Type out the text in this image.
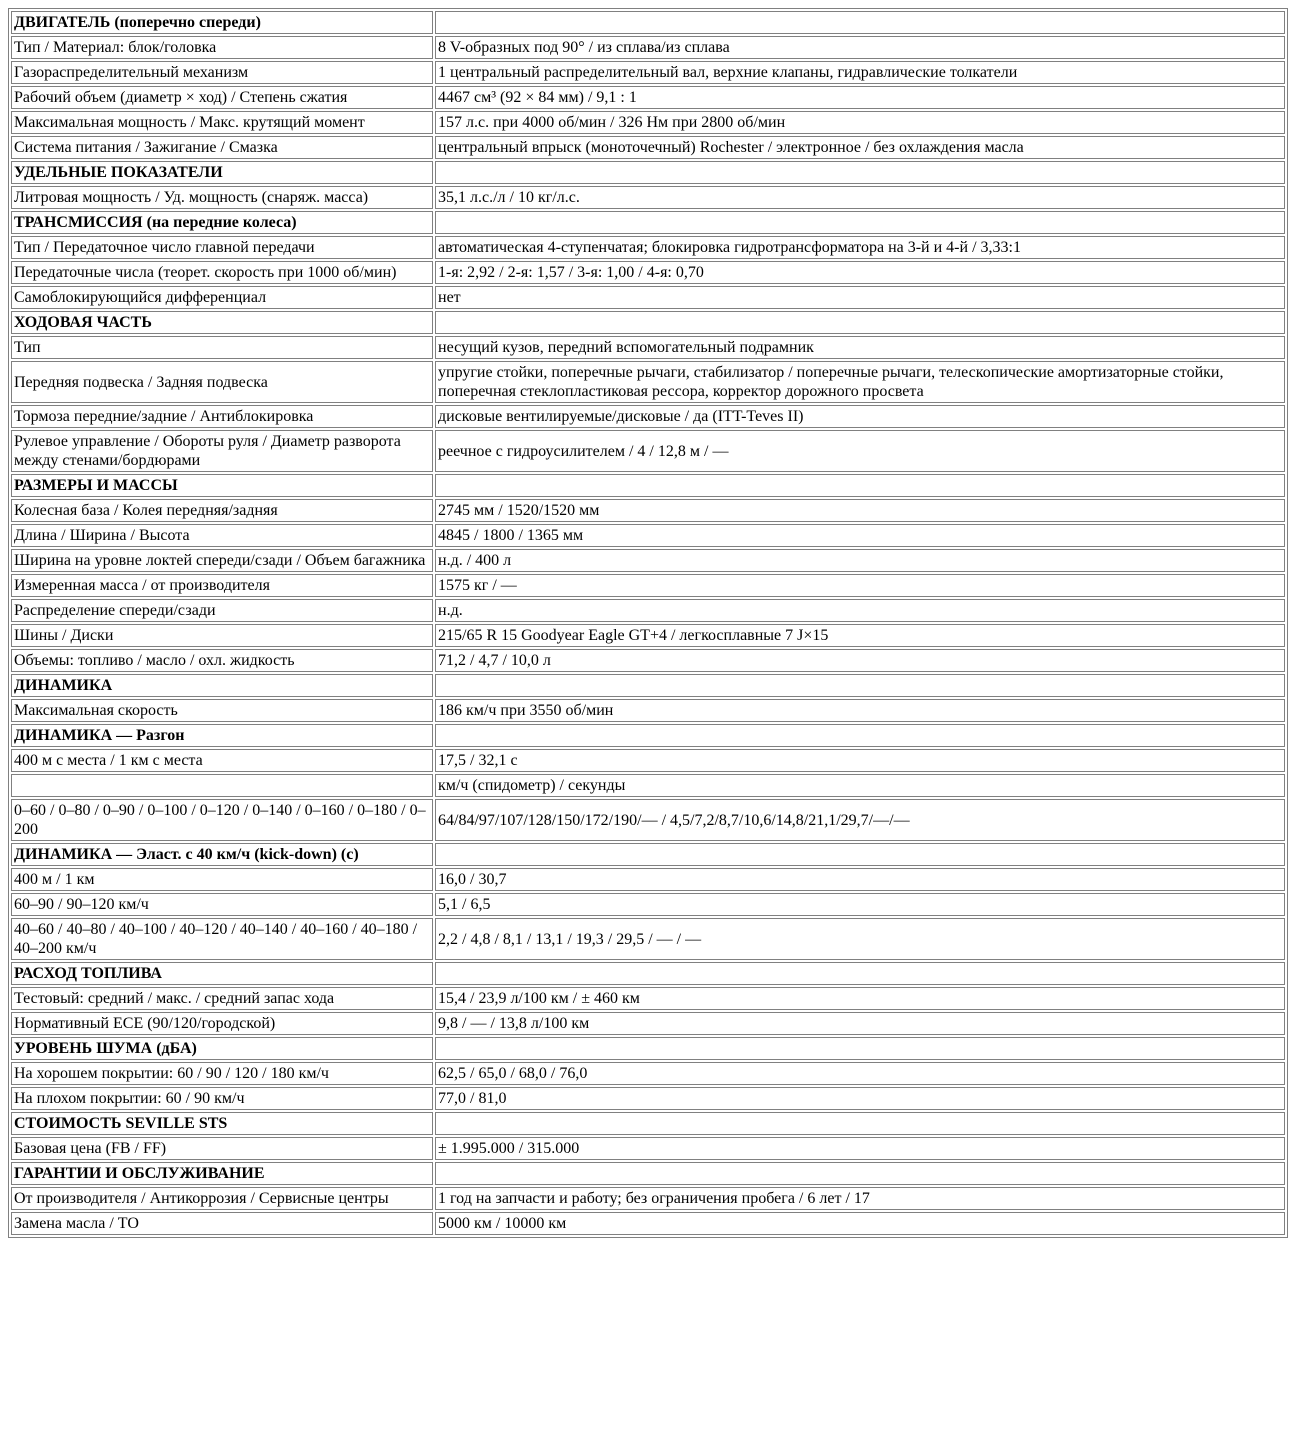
ДВИГАТЕЛЬ (поперечно спереди)	
Тип / Материал: блок/головка	8 V-образных под 90° / из сплава/из сплава
Газораспределительный механизм	1 центральный распределительный вал, верхние клапаны, гидравлические толкатели
Рабочий объем (диаметр × ход) / Степень сжатия	4467 см³ (92 × 84 мм) / 9,1 : 1
Максимальная мощность / Макс. крутящий момент	157 л.с. при 4000 об/мин / 326 Нм при 2800 об/мин
Система питания / Зажигание / Смазка	центральный впрыск (моноточечный) Rochester / электронное / без охлаждения масла
УДЕЛЬНЫЕ ПОКАЗАТЕЛИ	
Литровая мощность / Уд. мощность (снаряж. масса)	35,1 л.с./л / 10 кг/л.с.
ТРАНСМИССИЯ (на передние колеса)	
Тип / Передаточное число главной передачи	автоматическая 4-ступенчатая; блокировка гидротрансформатора на 3-й и 4-й / 3,33:1
Передаточные числа (теорет. скорость при 1000 об/мин)	1-я: 2,92 / 2-я: 1,57 / 3-я: 1,00 / 4-я: 0,70
Самоблокирующийся дифференциал	нет
ХОДОВАЯ ЧАСТЬ	
Тип	несущий кузов, передний вспомогательный подрамник
Передняя подвеска / Задняя подвеска	упругие стойки, поперечные рычаги, стабилизатор / поперечные рычаги, телескопические амортизаторные стойки, поперечная стеклопластиковая рессора, корректор дорожного просвета
Тормоза передние/задние / Антиблокировка	дисковые вентилируемые/дисковые / да (ITT-Teves II)
Рулевое управление / Обороты руля / Диаметр разворота между стенами/бордюрами	реечное с гидроусилителем / 4 / 12,8 м / —
РАЗМЕРЫ И МАССЫ	
Колесная база / Колея передняя/задняя	2745 мм / 1520/1520 мм
Длина / Ширина / Высота	4845 / 1800 / 1365 мм
Ширина на уровне локтей спереди/сзади / Объем багажника	н.д. / 400 л
Измеренная масса / от производителя	1575 кг / —
Распределение спереди/сзади	н.д.
Шины / Диски	215/65 R 15 Goodyear Eagle GT+4 / легкосплавные 7 J×15
Объемы: топливо / масло / охл. жидкость	71,2 / 4,7 / 10,0 л
ДИНАМИКА	
Максимальная скорость	186 км/ч при 3550 об/мин
ДИНАМИКА — Разгон	
400 м с места / 1 км с места	17,5 / 32,1 с
	км/ч (спидометр) / секунды
0–60 / 0–80 / 0–90 / 0–100 / 0–120 / 0–140 / 0–160 / 0–180 / 0–200	64/84/97/107/128/150/172/190/— / 4,5/7,2/8,7/10,6/14,8/21,1/29,7/—/—
ДИНАМИКА — Эласт. с 40 км/ч (kick-down) (с)	
400 м / 1 км	16,0 / 30,7
60–90 / 90–120 км/ч	5,1 / 6,5
40–60 / 40–80 / 40–100 / 40–120 / 40–140 / 40–160 / 40–180 / 40–200 км/ч	2,2 / 4,8 / 8,1 / 13,1 / 19,3 / 29,5 / — / —
РАСХОД ТОПЛИВА	
Тестовый: средний / макс. / средний запас хода	15,4 / 23,9 л/100 км / ± 460 км
Нормативный ECE (90/120/городской)	9,8 / — / 13,8 л/100 км
УРОВЕНЬ ШУМА (дБА)	
На хорошем покрытии: 60 / 90 / 120 / 180 км/ч	62,5 / 65,0 / 68,0 / 76,0
На плохом покрытии: 60 / 90 км/ч	77,0 / 81,0
СТОИМОСТЬ SEVILLE STS	
Базовая цена (FB / FF)	± 1.995.000 / 315.000
ГАРАНТИИ И ОБСЛУЖИВАНИЕ	
От производителя / Антикоррозия / Сервисные центры	1 год на запчасти и работу; без ограничения пробега / 6 лет / 17
Замена масла / ТО	5000 км / 10000 км
